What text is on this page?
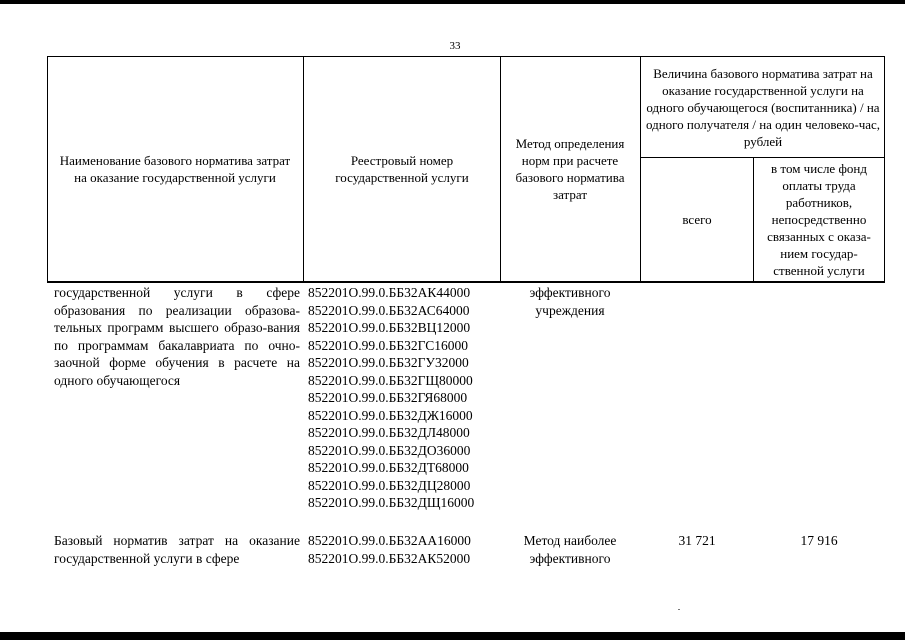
33
Наименование базового норматива затрат на оказание государственной услуги
Реестровый номер государственной услуги
Метод определения норм при расчете базового норматива затрат
Величина базового норматива затрат на оказание государственной услуги на одного обучающегося (воспитанника) / на одного получателя / на один человеко-час, рублей
всего
в том числе фонд оплаты труда работников, непосредственно связанных с оказа-нием государ-ственной услуги
государственной услуги в сфере образования по реализации образова-тельных программ высшего образо-вания по программам бакалавриата по очно-заочной форме обучения в расчете на одного обучающегося
852201О.99.0.ББ32АК44000
852201О.99.0.ББ32АС64000
852201О.99.0.ББ32ВЦ12000
852201О.99.0.ББ32ГС16000
852201О.99.0.ББ32ГУ32000
852201О.99.0.ББ32ГЩ80000
852201О.99.0.ББ32ГЯ68000
852201О.99.0.ББ32ДЖ16000
852201О.99.0.ББ32ДЛ48000
852201О.99.0.ББ32ДО36000
852201О.99.0.ББ32ДТ68000
852201О.99.0.ББ32ДЦ28000
852201О.99.0.ББ32ДЩ16000
эффективного
учреждения
Базовый норматив затрат на оказание государственной услуги в сфере
852201О.99.0.ББ32АА16000
852201О.99.0.ББ32АК52000
Метод наиболее
эффективного
31 721	17 916
